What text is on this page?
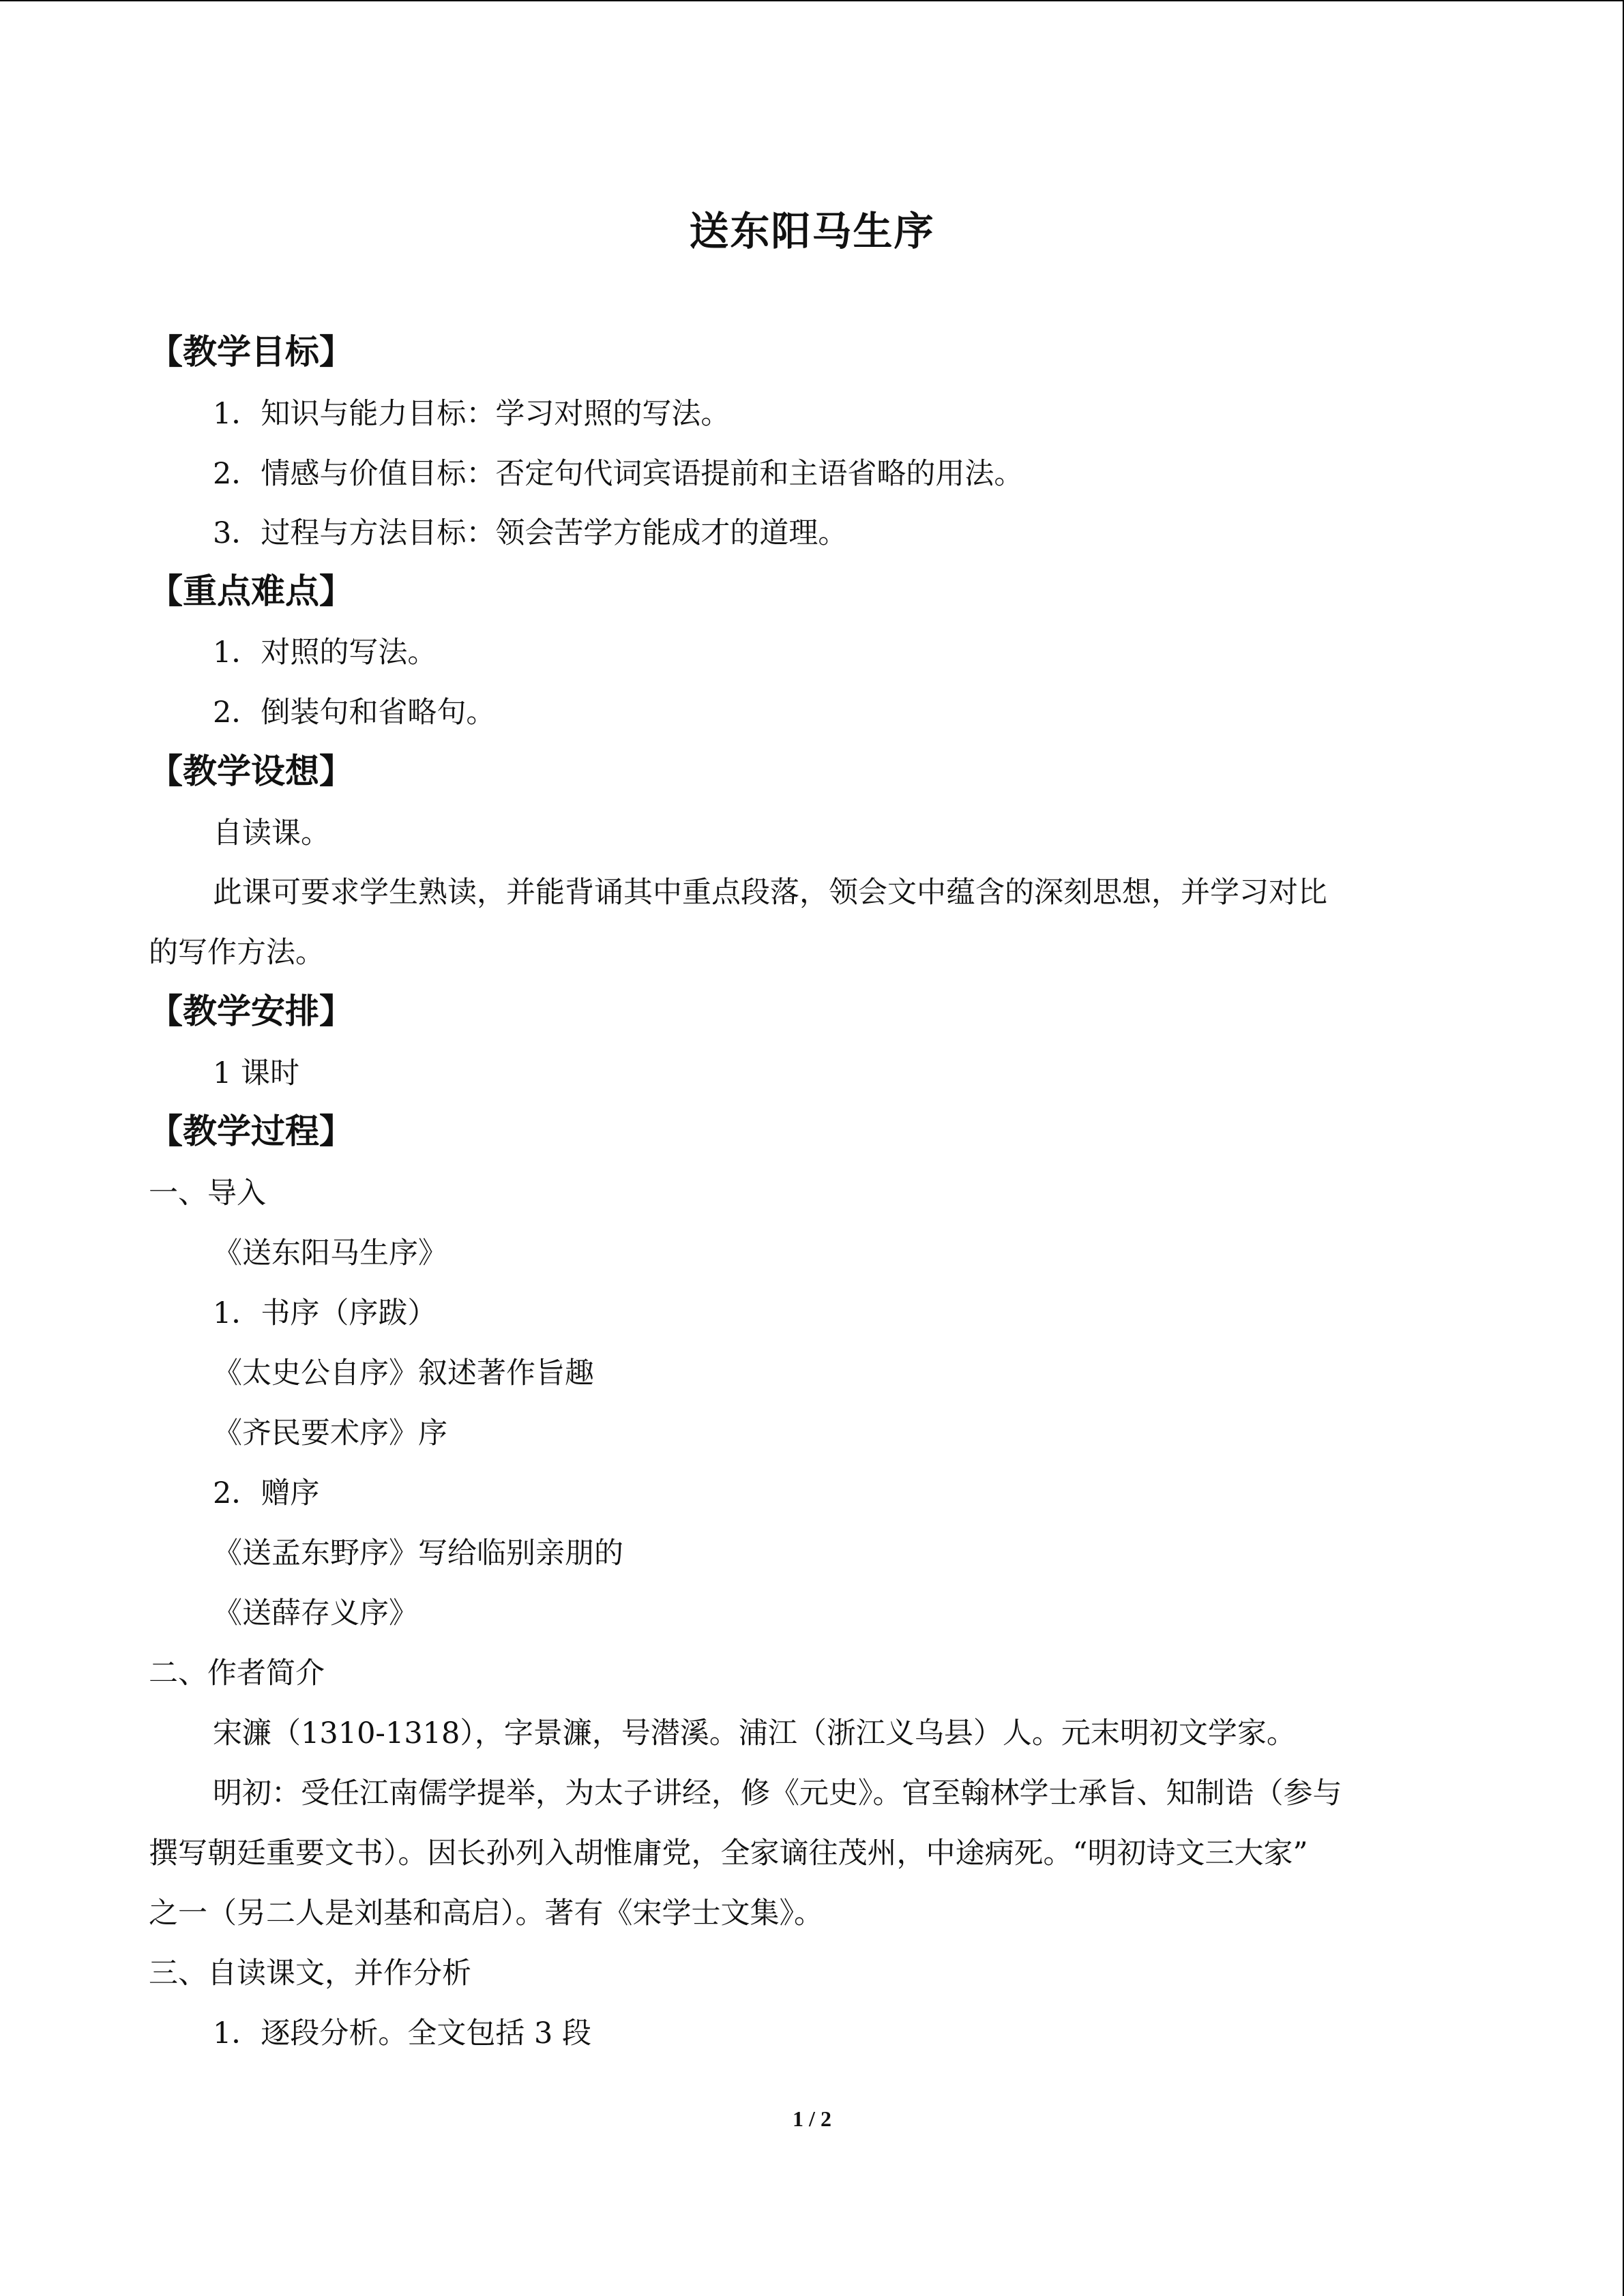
送东阳马生序
【教学目标】
1．知识与能力目标：学习对照的写法。
2．情感与价值目标：否定句代词宾语提前和主语省略的用法。
3．过程与方法目标：领会苦学方能成才的道理。
【重点难点】
1．对照的写法。
2．倒装句和省略句。
【教学设想】
自读课。
此课可要求学生熟读，并能背诵其中重点段落，领会文中蕴含的深刻思想，并学习对比
的写作方法。
【教学安排】
1 课时
【教学过程】
一、导入
《送东阳马生序》
1．书序（序跋）
《太史公自序》叙述著作旨趣
《齐民要术序》序
2．赠序
《送孟东野序》写给临别亲朋的
《送薛存义序》
二、作者简介
宋濂（1310-1318），字景濂，号潜溪。浦江（浙江义乌县）人。元末明初文学家。
明初：受任江南儒学提举，为太子讲经，修《元史》。官至翰林学士承旨、知制诰（参与
撰写朝廷重要文书）。因长孙列入胡惟庸党，全家谪往茂州，中途病死。“明初诗文三大家”
之一（另二人是刘基和高启）。著有《宋学士文集》。
三、自读课文，并作分析
1．逐段分析。全文包括 3 段
1 / 2
